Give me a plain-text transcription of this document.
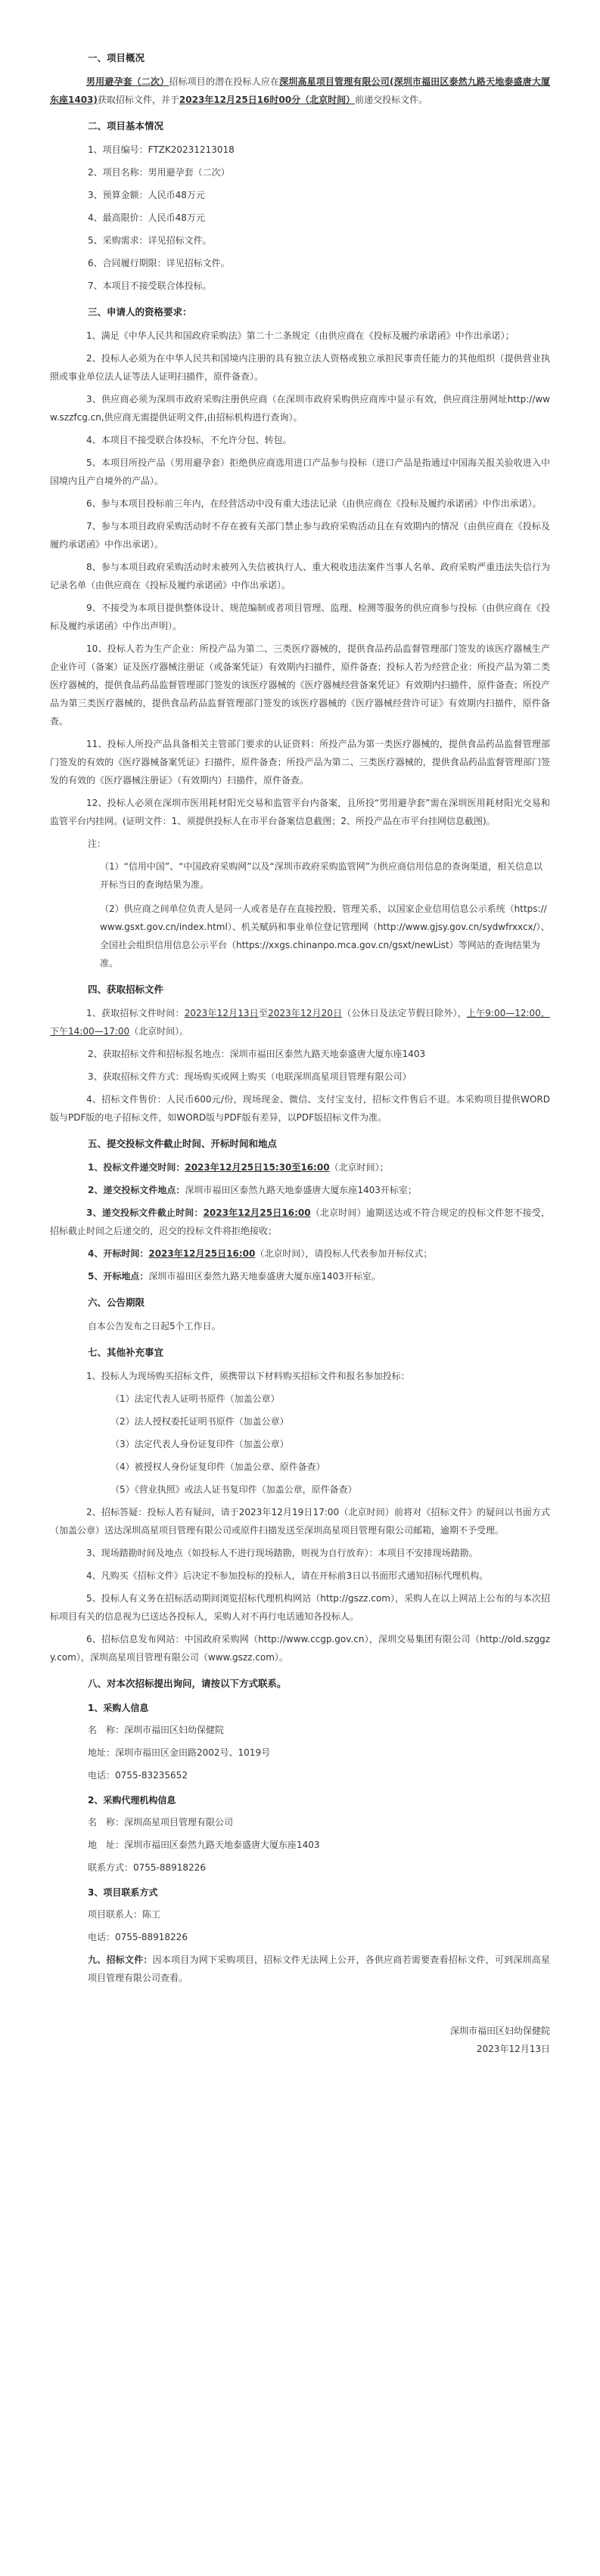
一、项目概况

男用避孕套（二次）招标项目的潜在投标人应在深圳高星项目管理有限公司(深圳市福田区泰然九路天地泰盛唐大厦东座1403)获取招标文件，并于2023年12月25日16时00分（北京时间）前递交投标文件。

二、项目基本情况

1、项目编号：FTZK20231213018

2、项目名称：男用避孕套（二次）

3、预算金额：人民币48万元

4、最高限价：人民币48万元

5、采购需求：详见招标文件。

6、合同履行期限：详见招标文件。

7、本项目不接受联合体投标。

三、申请人的资格要求：

1、满足《中华人民共和国政府采购法》第二十二条规定（由供应商在《投标及履约承诺函》中作出承诺）；

2、投标人必须为在中华人民共和国境内注册的具有独立法人资格或独立承担民事责任能力的其他组织（提供营业执照或事业单位法人证等法人证明扫描件，原件备查）。

3、供应商必须为深圳市政府采购注册供应商（在深圳市政府采购供应商库中显示有效，供应商注册网址http://www.szzfcg.cn,供应商无需提供证明文件,由招标机构进行查询）。

4、本项目不接受联合体投标，不允许分包、转包。

5、本项目所投产品（男用避孕套）拒绝供应商选用进口产品参与投标（进口产品是指通过中国海关报关验收进入中国境内且产自境外的产品）。

6、参与本项目投标前三年内，在经营活动中没有重大违法记录（由供应商在《投标及履约承诺函》中作出承诺）。

7、参与本项目政府采购活动时不存在被有关部门禁止参与政府采购活动且在有效期内的情况（由供应商在《投标及履约承诺函》中作出承诺）。

8、参与本项目政府采购活动时未被列入失信被执行人、重大税收违法案件当事人名单、政府采购严重违法失信行为记录名单（由供应商在《投标及履约承诺函》中作出承诺）。

9、不接受为本项目提供整体设计、规范编制或者项目管理、监理、检测等服务的供应商参与投标（由供应商在《投标及履约承诺函》中作出声明）。

10、投标人若为生产企业：所投产品为第二、三类医疗器械的，提供食品药品监督管理部门签发的该医疗器械生产企业许可（备案）证及医疗器械注册证（或备案凭证）有效期内扫描件，原件备查；投标人若为经营企业：所投产品为第二类医疗器械的，提供食品药品监督管理部门签发的该医疗器械的《医疗器械经营备案凭证》有效期内扫描件，原件备查；所投产品为第三类医疗器械的，提供食品药品监督管理部门签发的该医疗器械的《医疗器械经营许可证》有效期内扫描件，原件备查。

11、投标人所投产品具备相关主管部门要求的认证资料：所投产品为第一类医疗器械的，提供食品药品监督管理部门签发的有效的《医疗器械备案凭证》扫描件，原件备查；所投产品为第二、三类医疗器械的，提供食品药品监督管理部门签发的有效的《医疗器械注册证》（有效期内）扫描件，原件备查。

12、投标人必须在深圳市医用耗材阳光交易和监管平台内备案，且所投“男用避孕套”需在深圳医用耗材阳光交易和监管平台内挂网。(证明文件：1、须提供投标人在市平台备案信息截图；2、所投产品在市平台挂网信息截图)。

注：

（1）“信用中国”、“中国政府采购网”以及“深圳市政府采购监管网”为供应商信用信息的查询渠道，相关信息以开标当日的查询结果为准。

（2）供应商之间单位负责人是同一人或者是存在直接控股、管理关系，以国家企业信用信息公示系统（https://www.gsxt.gov.cn/index.html）、机关赋码和事业单位登记管理网（http://www.gjsy.gov.cn/sydwfrxxcx/）、全国社会组织信用信息公示平台（https://xxgs.chinanpo.mca.gov.cn/gsxt/newList）等网站的查询结果为准。

四、获取招标文件

1、获取招标文件时间：2023年12月13日至2023年12月20日（公休日及法定节假日除外），上午9:00—12:00，下午14:00—17:00（北京时间）。

2、获取招标文件和招标报名地点：深圳市福田区泰然九路天地泰盛唐大厦东座1403

3、获取招标文件方式：现场购买或网上购买（电联深圳高星项目管理有限公司）

4、招标文件售价：人民币600元/份，现场现金、微信、支付宝支付，招标文件售后不退。本采购项目提供WORD版与PDF版的电子招标文件，如WORD版与PDF版有差异，以PDF版招标文件为准。

五、提交投标文件截止时间、开标时间和地点

1、投标文件递交时间：2023年12月25日15:30至16:00（北京时间）；

2、递交投标文件地点：深圳市福田区泰然九路天地泰盛唐大厦东座1403开标室；

3、递交投标文件截止时间：2023年12月25日16:00（北京时间）逾期送达或不符合规定的投标文件恕不接受，招标截止时间之后递交的，迟交的投标文件将拒绝接收；

4、开标时间：2023年12月25日16:00（北京时间），请投标人代表参加开标仪式；

5、开标地点：深圳市福田区泰然九路天地泰盛唐大厦东座1403开标室。

六、公告期限

自本公告发布之日起5个工作日。

七、其他补充事宜

1、投标人为现场购买招标文件，须携带以下材料购买招标文件和报名参加投标：

（1）法定代表人证明书原件（加盖公章）

（2）法人授权委托证明书原件（加盖公章）

（3）法定代表人身份证复印件（加盖公章）

（4）被授权人身份证复印件（加盖公章、原件备查）

（5）《营业执照》或法人证书复印件（加盖公章，原件备查）

2、招标答疑：投标人若有疑问，请于2023年12月19日17:00（北京时间）前将对《招标文件》的疑问以书面方式（加盖公章）送达深圳高星项目管理有限公司或原件扫描发送至深圳高星项目管理有限公司邮箱，逾期不予受理。

3、现场踏勘时间及地点（如投标人不进行现场踏勘，则视为自行放弃）：本项目不安排现场踏勘。

4、凡购买《招标文件》后决定不参加投标的投标人，请在开标前3日以书面形式通知招标代理机构。

5、投标人有义务在招标活动期间浏览招标代理机构网站（http://gszz.com），采购人在以上网站上公布的与本次招标项目有关的信息视为已送达各投标人，采购人对不再行电话通知各投标人。

6、招标信息发布网站：中国政府采购网（http://www.ccgp.gov.cn），深圳交易集团有限公司（http://old.szggzy.com），深圳高星项目管理有限公司（www.gszz.com）。

八、对本次招标提出询问，请按以下方式联系。
1、采购人信息

名　称：深圳市福田区妇幼保健院

地址：深圳市福田区金田路2002号、1019号

电话：0755-83235652

2、采购代理机构信息

名　称：深圳高星项目管理有限公司

地　址：深圳市福田区泰然九路天地泰盛唐大厦东座1403

联系方式：0755-88918226

3、项目联系方式

项目联系人：陈工

电话：0755-88918226

九、招标文件：因本项目为网下采购项目，招标文件无法网上公开，各供应商若需要查看招标文件，可到深圳高星项目管理有限公司查看。

深圳市福田区妇幼保健院

2023年12月13日
